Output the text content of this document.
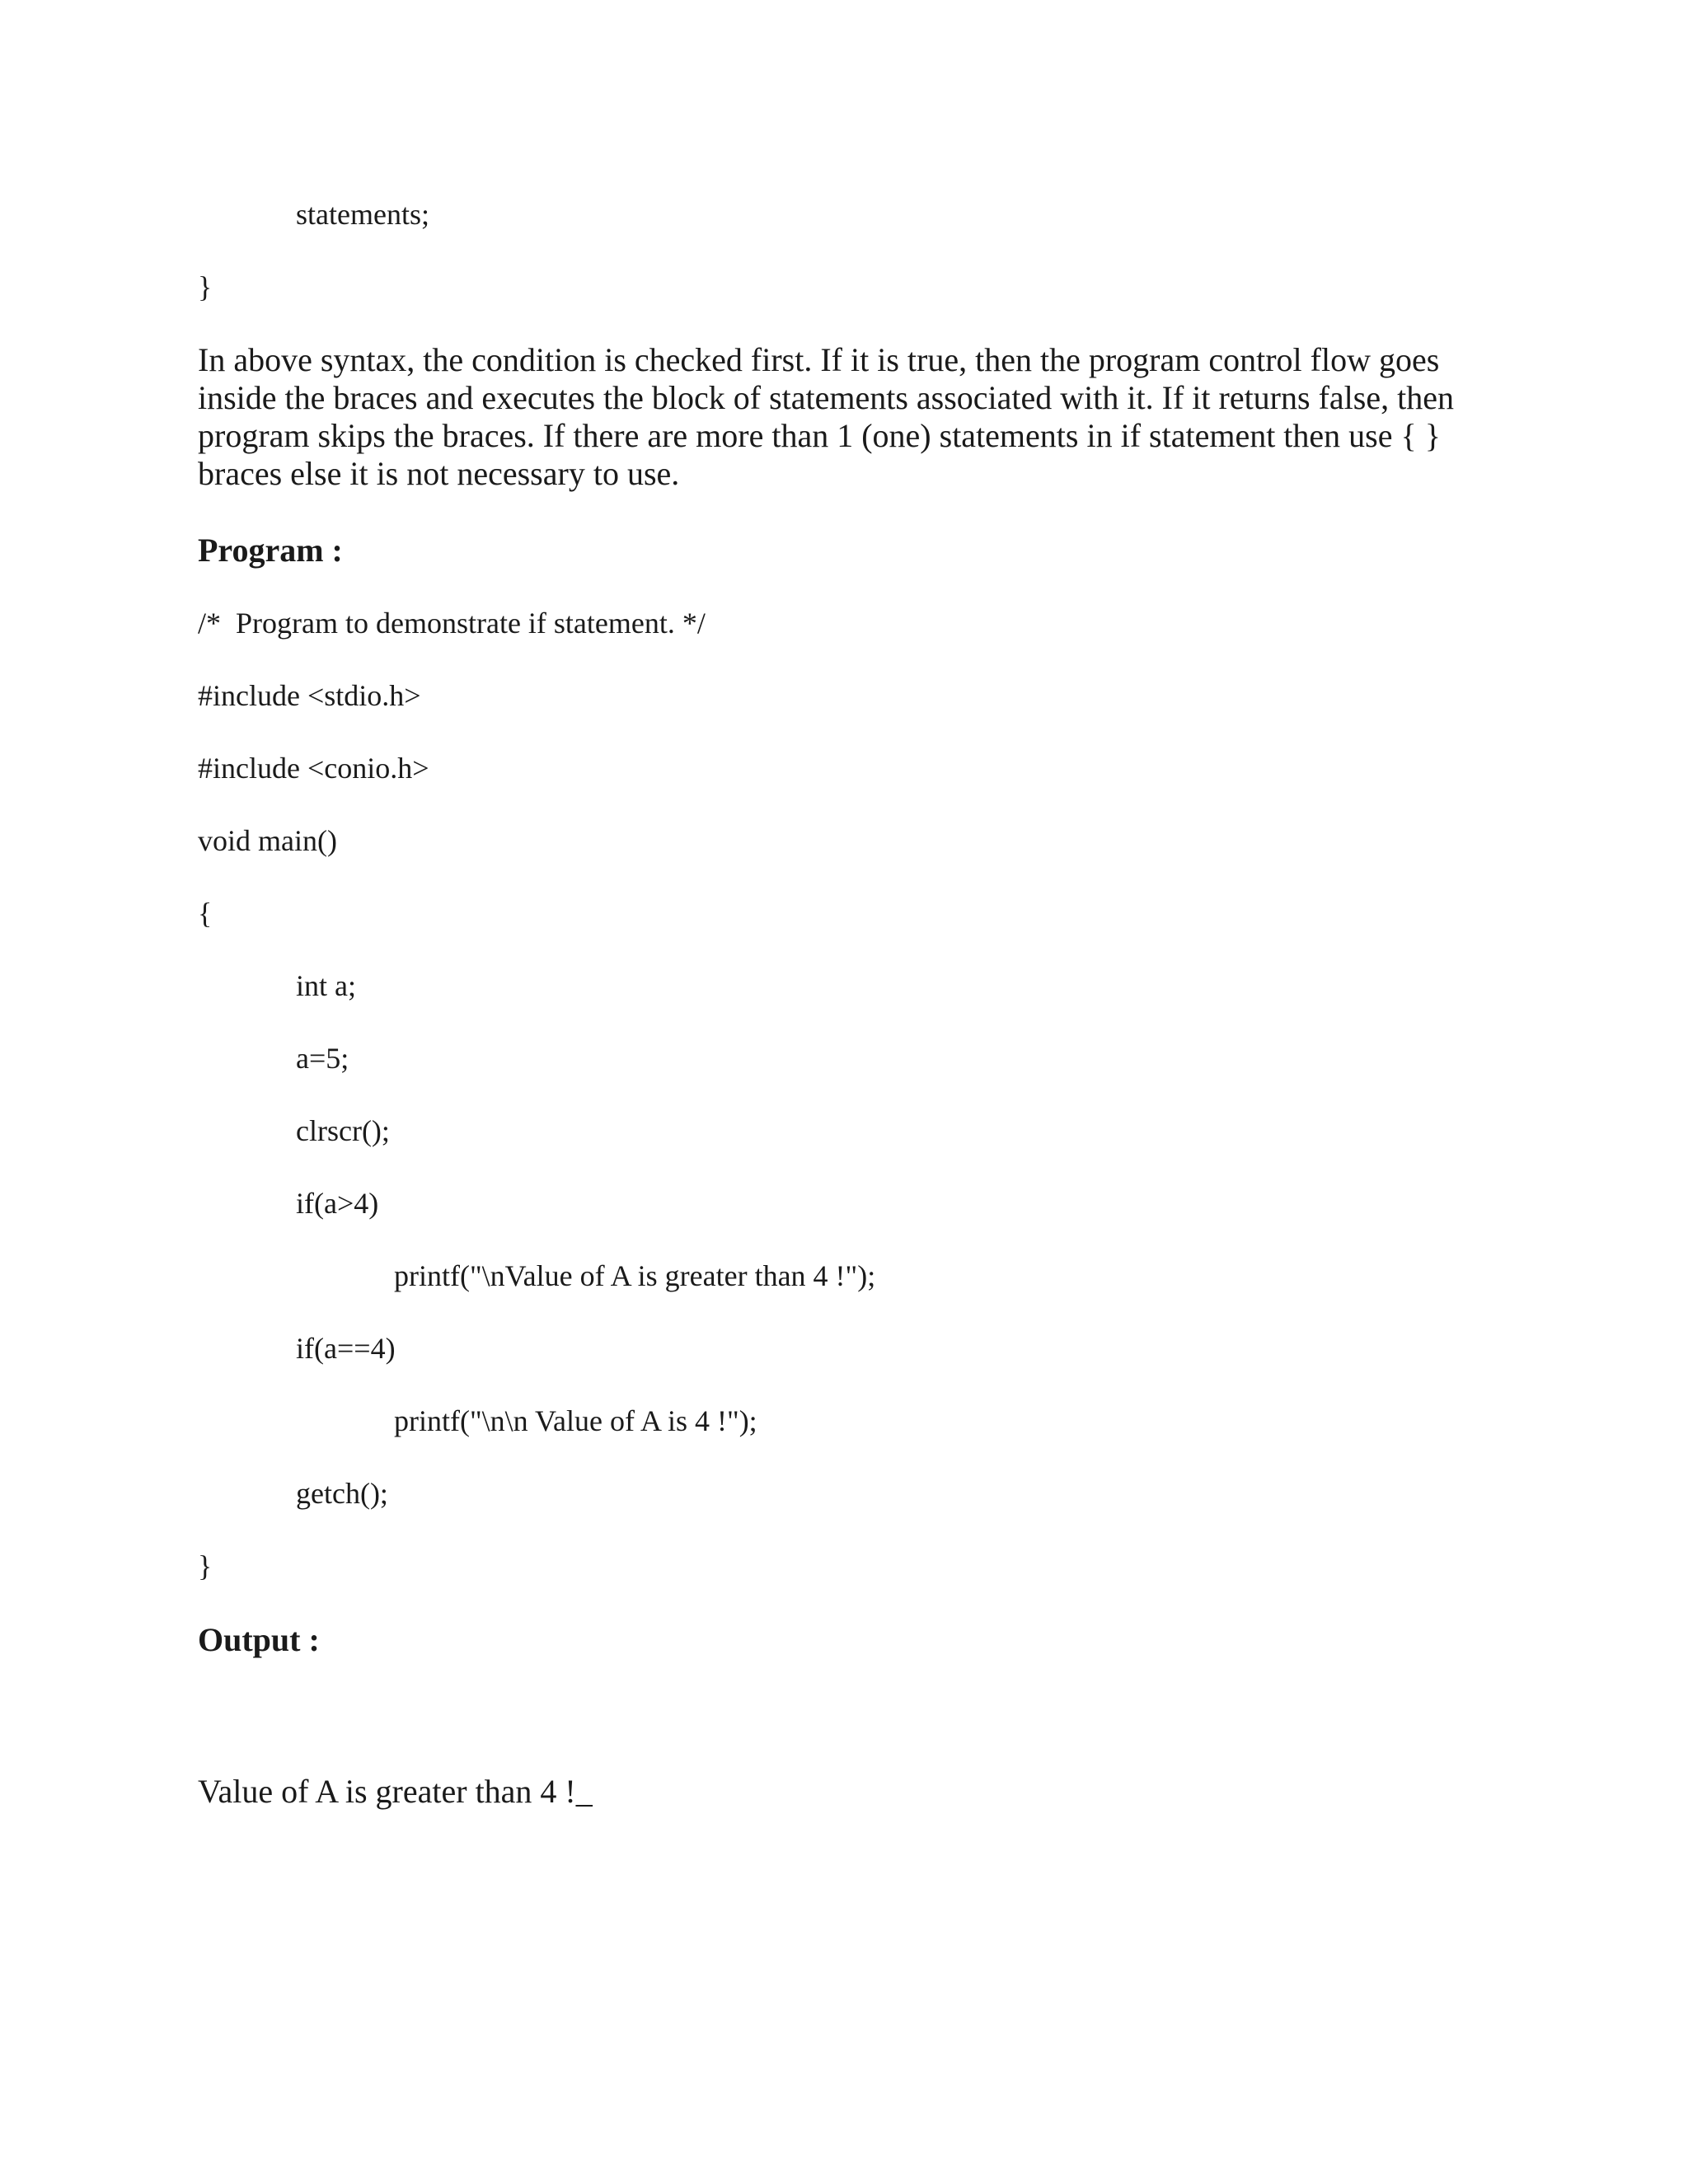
statements;
}
In above syntax, the condition is checked first. If it is true, then the program control flow goes
inside the braces and executes the block of statements associated with it. If it returns false, then
program skips the braces. If there are more than 1 (one) statements in if statement then use { }
braces else it is not necessary to use.
Program :
/*  Program to demonstrate if statement. */
#include <stdio.h>
#include <conio.h>
void main()
{
int a;
a=5;
clrscr();
if(a>4)
printf("\nValue of A is greater than 4 !");
if(a==4)
printf("\n\n Value of A is 4 !");
getch();
}
Output :
Value of A is greater than 4 !_
